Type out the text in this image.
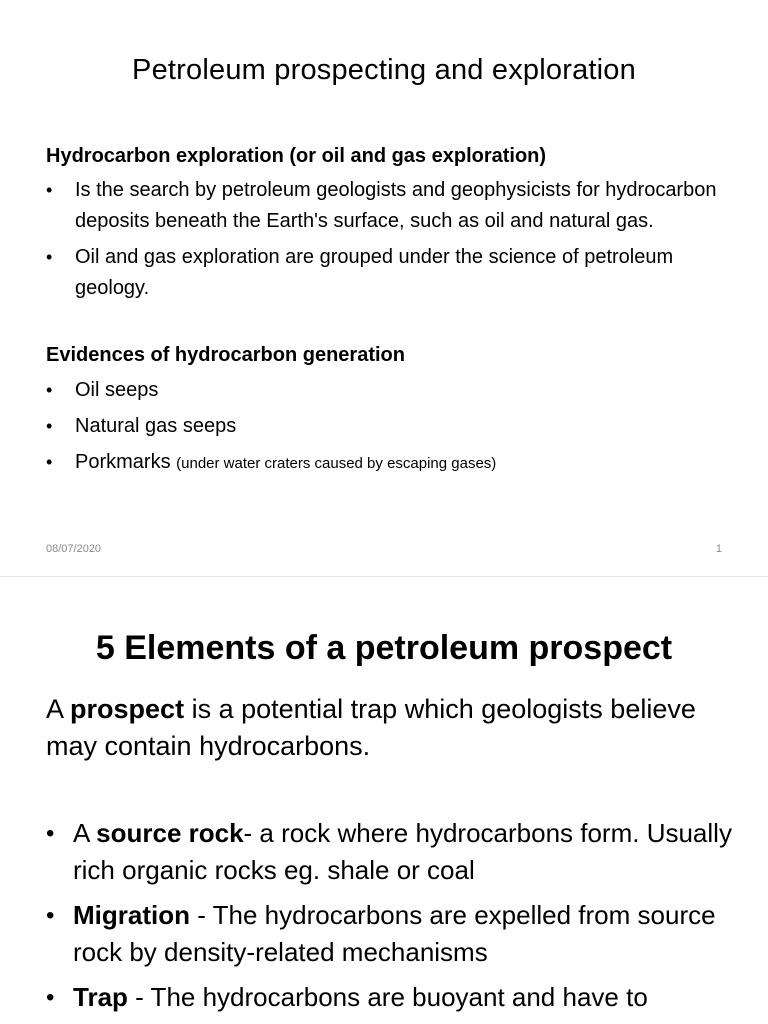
Petroleum prospecting and exploration

Hydrocarbon exploration (or oil and gas exploration)

•	Is the search by petroleum geologists and geophysicists for hydrocarbon deposits beneath the Earth's surface, such as oil and natural gas.
•	Oil and gas exploration are grouped under the science of petroleum geology.

Evidences of hydrocarbon generation

•	Oil seeps
•	Natural gas seeps
•	Porkmarks (under water craters caused by escaping gases)
08/07/2020	1
5 Elements of a petroleum prospect

A prospect is a potential trap which geologists believe may contain hydrocarbons.

• A source rock- a rock where hydrocarbons form. Usually rich organic rocks eg. shale or coal
• Migration - The hydrocarbons are expelled from source rock by density-related mechanisms
• Trap - The hydrocarbons are buoyant and have to
